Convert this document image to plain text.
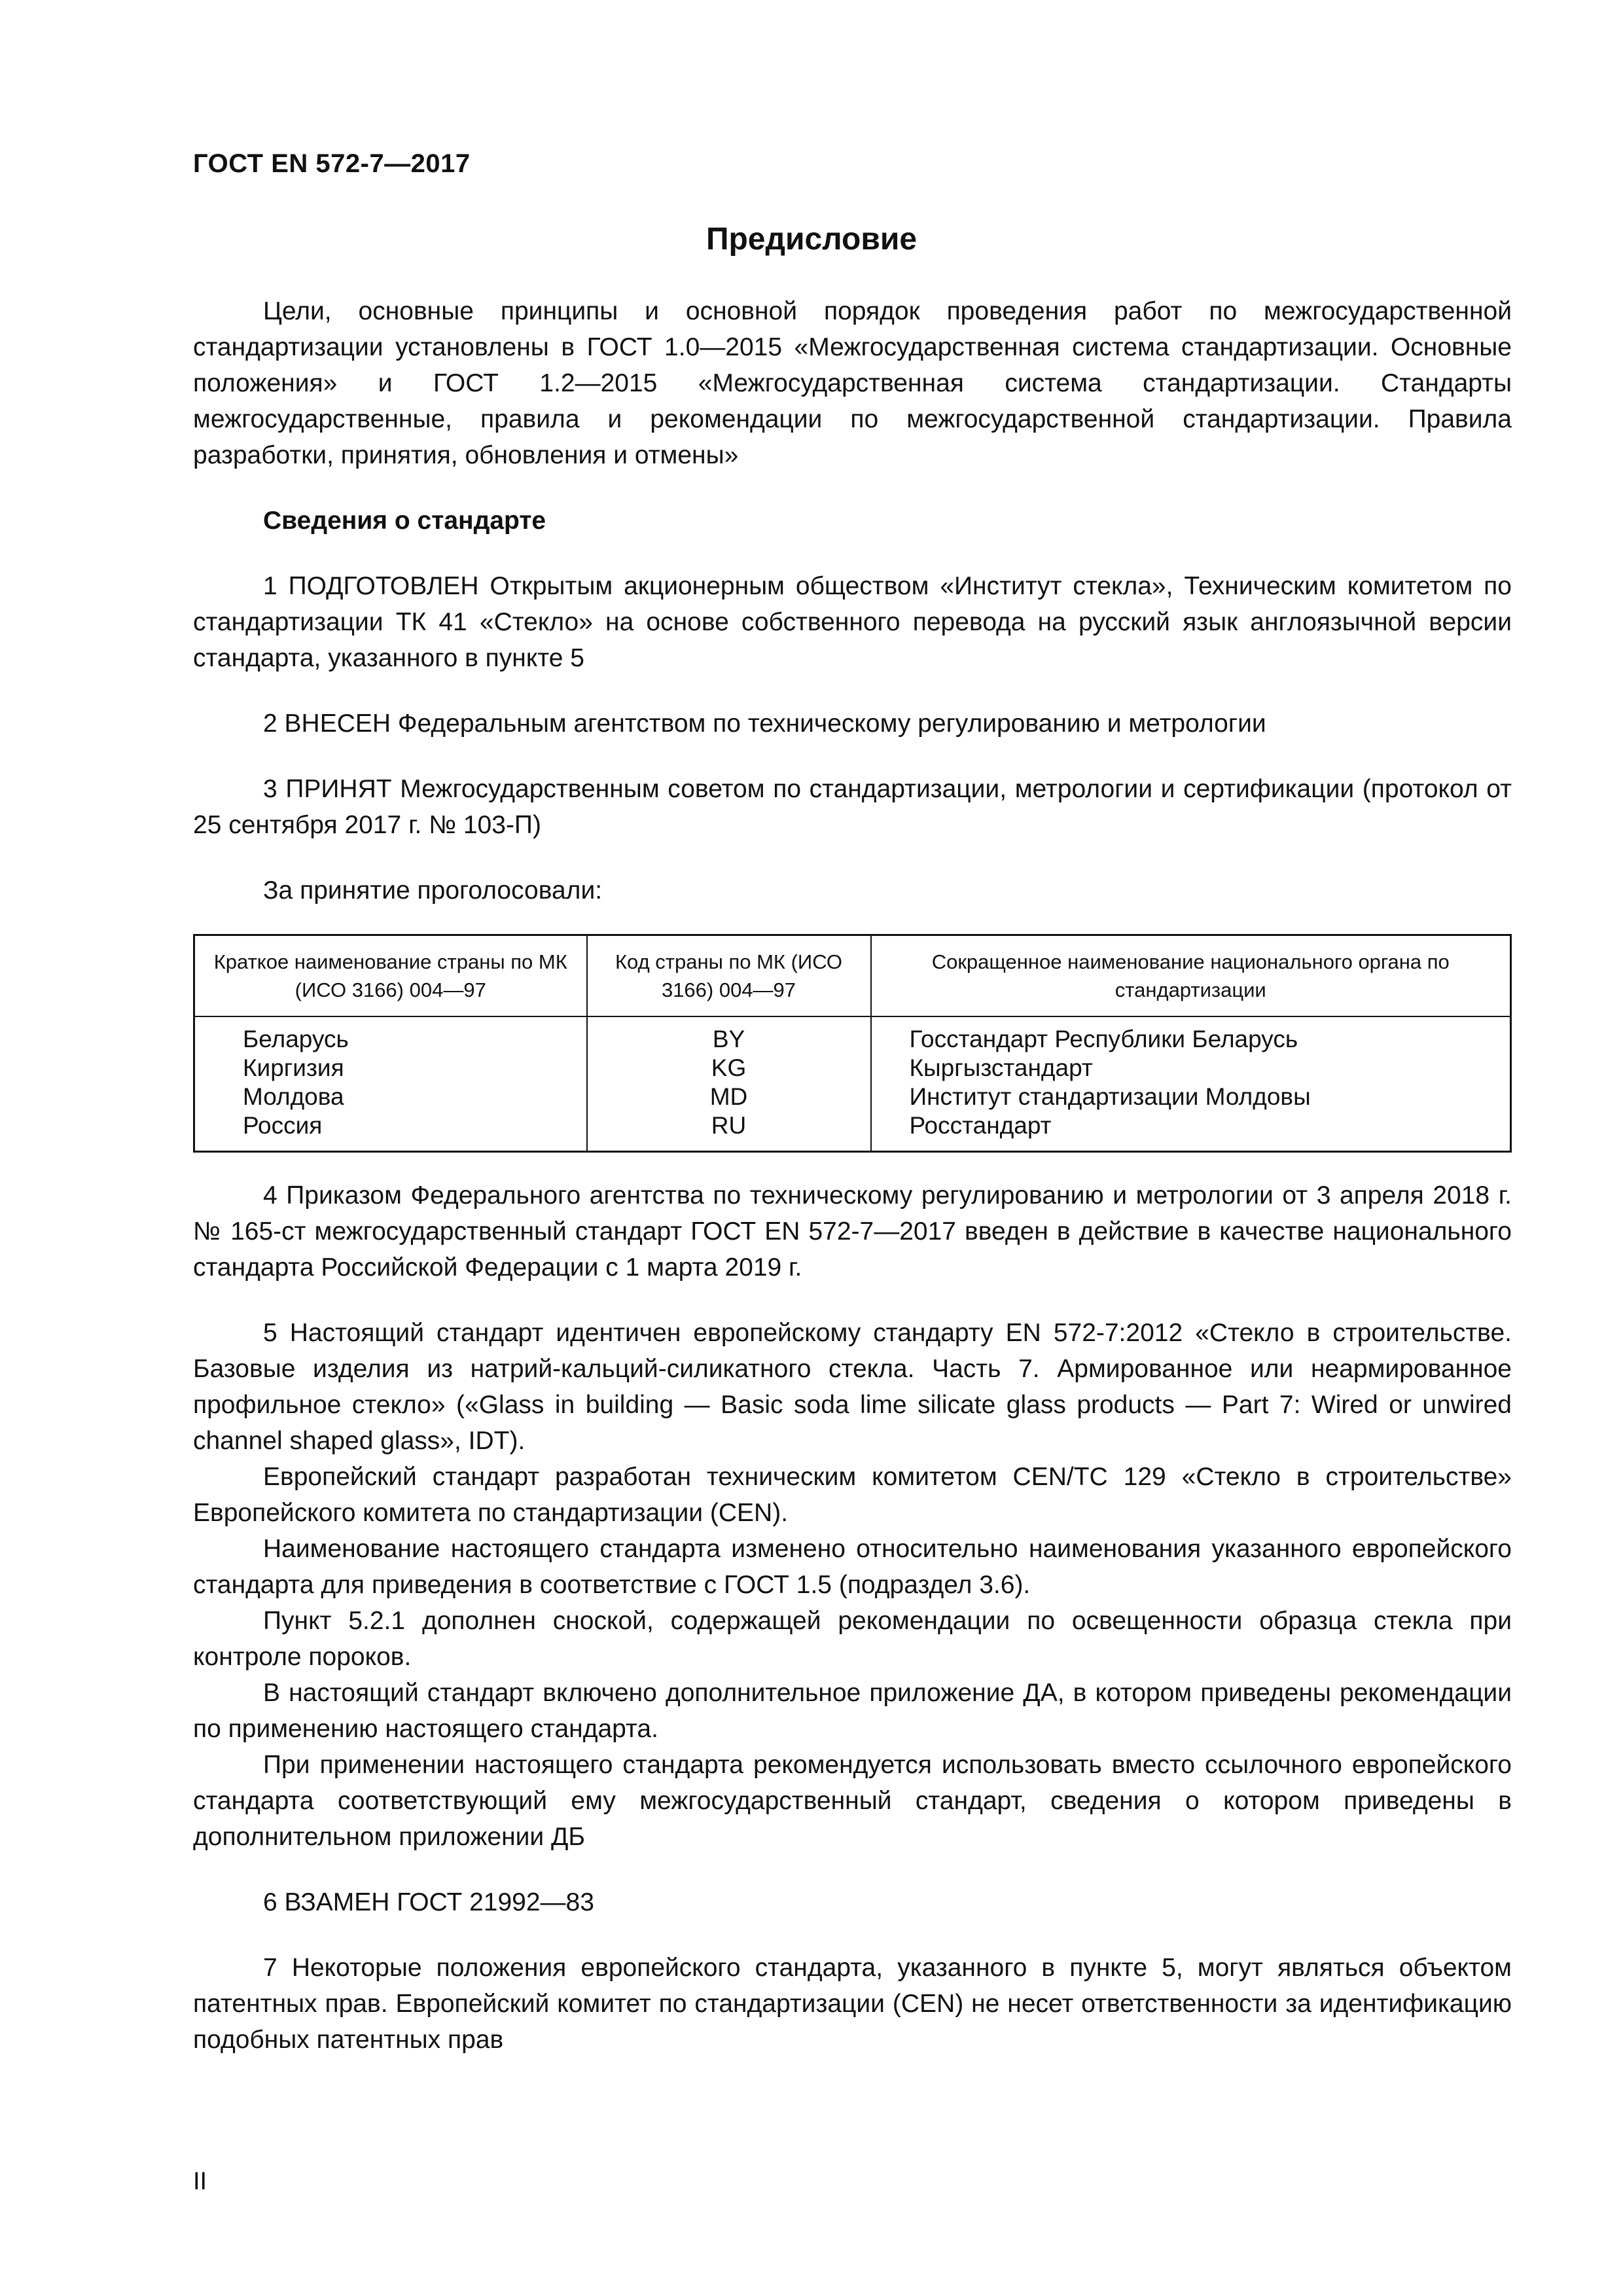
ГОСТ EN 572-7—2017
Предисловие

Цели, основные принципы и основной порядок проведения работ по межгосударственной стандартизации установлены в ГОСТ 1.0—2015 «Межгосударственная система стандартизации. Основные положения» и ГОСТ 1.2—2015 «Межгосударственная система стандартизации. Стандарты межгосударственные, правила и рекомендации по межгосударственной стандартизации. Правила разработки, принятия, обновления и отмены»

Сведения о стандарте

1 ПОДГОТОВЛЕН Открытым акционерным обществом «Институт стекла», Техническим комитетом по стандартизации ТК 41 «Стекло» на основе собственного перевода на русский язык англоязычной версии стандарта, указанного в пункте 5

2 ВНЕСЕН Федеральным агентством по техническому регулированию и метрологии

3 ПРИНЯТ Межгосударственным советом по стандартизации, метрологии и сертификации (протокол от 25 сентября 2017 г. № 103-П)

За принятие проголосовали:

Краткое наименование страны по МК (ИСО 3166) 004—97	Код страны по МК (ИСО 3166) 004—97	Сокращенное наименование национального органа по стандартизации
Беларусь	BY	Госстандарт Республики Беларусь
Киргизия	KG	Кыргызстандарт
Молдова	MD	Институт стандартизации Молдовы
Россия	RU	Росстандарт

4 Приказом Федерального агентства по техническому регулированию и метрологии от 3 апреля 2018 г. № 165-ст межгосударственный стандарт ГОСТ EN 572-7—2017 введен в действие в качестве национального стандарта Российской Федерации с 1 марта 2019 г.

5 Настоящий стандарт идентичен европейскому стандарту EN 572-7:2012 «Стекло в строительстве. Базовые изделия из натрий-кальций-силикатного стекла. Часть 7. Армированное или неармированное профильное стекло» («Glass in building — Basic soda lime silicate glass products — Part 7: Wired or unwired channel shaped glass», IDT).

Европейский стандарт разработан техническим комитетом CEN/TC 129 «Стекло в строительстве» Европейского комитета по стандартизации (CEN).

Наименование настоящего стандарта изменено относительно наименования указанного европейского стандарта для приведения в соответствие с ГОСТ 1.5 (подраздел 3.6).

Пункт 5.2.1 дополнен сноской, содержащей рекомендации по освещенности образца стекла при контроле пороков.

В настоящий стандарт включено дополнительное приложение ДА, в котором приведены рекомендации по применению настоящего стандарта.

При применении настоящего стандарта рекомендуется использовать вместо ссылочного европейского стандарта соответствующий ему межгосударственный стандарт, сведения о котором приведены в дополнительном приложении ДБ

6 ВЗАМЕН ГОСТ 21992—83

7 Некоторые положения европейского стандарта, указанного в пункте 5, могут являться объектом патентных прав. Европейский комитет по стандартизации (CEN) не несет ответственности за идентификацию подобных патентных прав

II
